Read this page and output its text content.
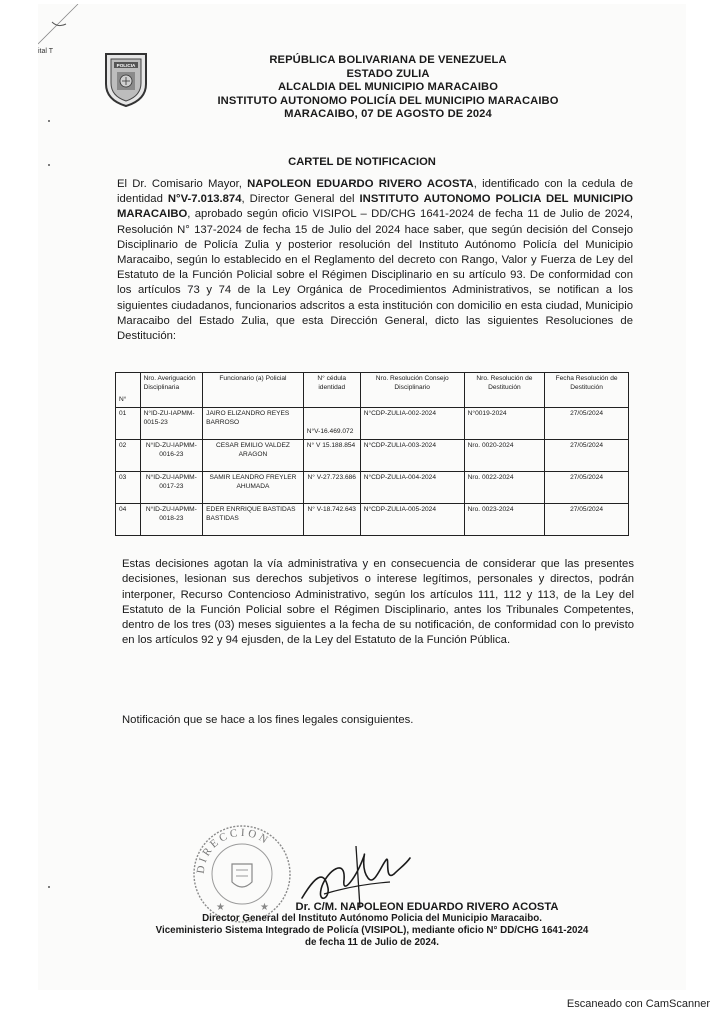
ital T
POLICIA	REPÚBLICA BOLIVARIANA DE VENEZUELA
ESTADO ZULIA
ALCALDIA DEL MUNICIPIO MARACAIBO
INSTITUTO AUTONOMO POLICÍA DEL MUNICIPIO MARACAIBO
MARACAIBO, 07 DE AGOSTO DE 2024
CARTEL DE NOTIFICACION
El Dr. Comisario Mayor, NAPOLEON EDUARDO RIVERO ACOSTA, identificado con la cedula de identidad N°V-7.013.874, Director General del INSTITUTO AUTONOMO POLICIA DEL MUNICIPIO MARACAIBO, aprobado según oficio VISIPOL – DD/CHG 1641-2024 de fecha 11 de Julio de 2024, Resolución N° 137-2024 de fecha 15 de Julio del 2024 hace saber, que según decisión del Consejo Disciplinario de Policía Zulia y posterior resolución del Instituto Autónomo Policía del Municipio Maracaibo, según lo establecido en el Reglamento del decreto con Rango, Valor y Fuerza de Ley del Estatuto de la Función Policial sobre el Régimen Disciplinario en su artículo 93. De conformidad con los artículos 73 y 74 de la Ley Orgánica de Procedimientos Administrativos, se notifican a los siguientes ciudadanos, funcionarios adscritos a esta institución con domicilio en esta ciudad, Municipio Maracaibo del Estado Zulia, que esta Dirección General, dicto las siguientes Resoluciones de Destitución:
N°	Nro. Averiguación Disciplinaria	Funcionario (a) Policial	N° cédula identidad	Nro. Resolución Consejo Disciplinario	Nro. Resolución de Destitución	Fecha Resolución de Destitución
01	N°ID-ZU-IAPMM-0015-23	JAIRO ELIZANDRO REYES BARROSO	N°V-16.469.072	N°CDP-ZULIA-002-2024	N°0019-2024	27/05/2024
02	N°ID-ZU-IAPMM-0016-23	CESAR EMILIO VALDEZ ARAGON	N° V 15.188.854	N°CDP-ZULIA-003-2024	Nro. 0020-2024	27/05/2024
03	N°ID-ZU-IAPMM-0017-23	SAMIR LEANDRO FREYLER AHUMADA	N° V-27.723.686	N°CDP-ZULIA-004-2024	Nro. 0022-2024	27/05/2024
04	N°ID-ZU-IAPMM-0018-23	EDER ENRRIQUE BASTIDAS BASTIDAS	N° V-18.742.643	N°CDP-ZULIA-005-2024	Nro. 0023-2024	27/05/2024
Estas decisiones agotan la vía administrativa y en consecuencia de considerar que las presentes decisiones, lesionan sus derechos subjetivos o interese legítimos, personales y directos, podrán interponer, Recurso Contencioso Administrativo, según los artículos 111, 112 y 113, de la Ley del Estatuto de la Función Policial sobre el Régimen Disciplinario, antes los Tribunales Competentes, dentro de los tres (03) meses siguientes a la fecha de su notificación, de conformidad con lo previsto en los artículos 92 y 94 ejusden, de la Ley del Estatuto de la Función Pública.
Notificación que se hace a los fines legales consiguientes.
DIRECCION
★	★	Dr. C/M. NAPOLEON EDUARDO RIVERO ACOSTA
Director General del Instituto Autónomo Policia del Municipio Maracaibo.
Viceministerio Sistema Integrado de Policía (VISIPOL), mediante oficio N° DD/CHG 1641-2024
de fecha 11 de Julio de 2024.
Escaneado con CamScanner
